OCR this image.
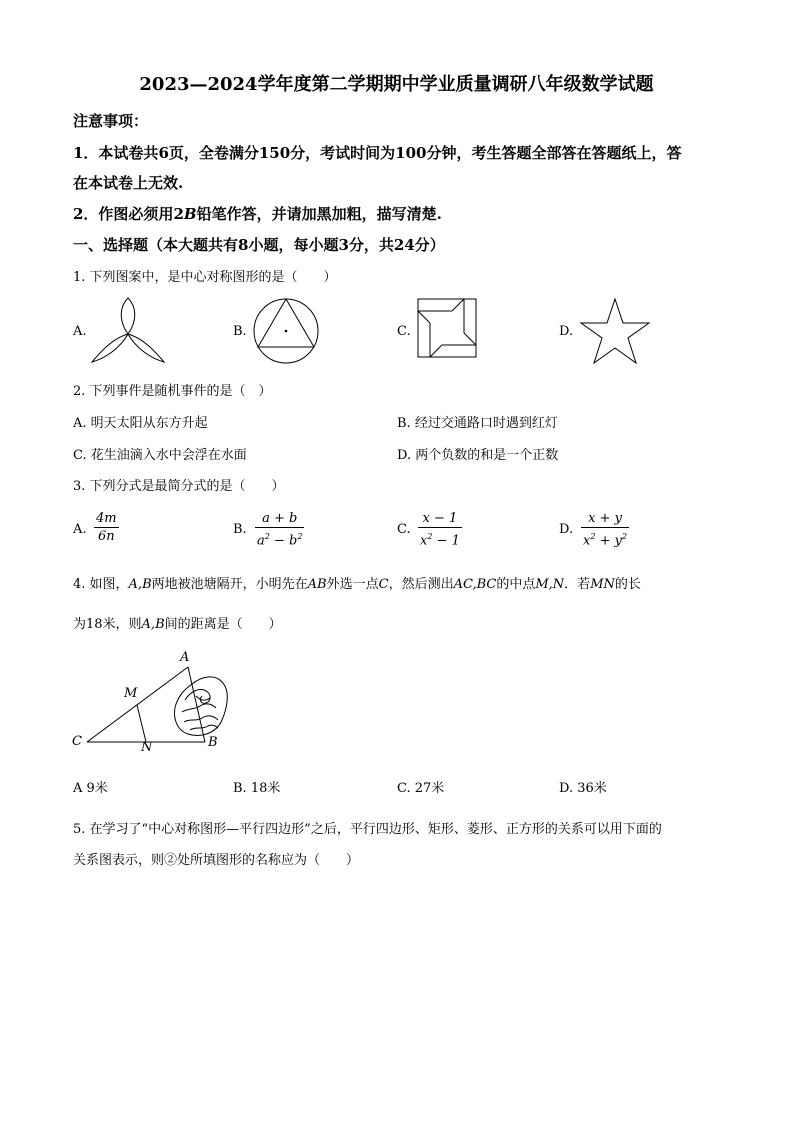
2023—2024学年度第二学期期中学业质量调研八年级数学试题
注意事项：
1．本试卷共6页，全卷满分150分，考试时间为100分钟，考生答题全部答在答题纸上，答
在本试卷上无效.
2．作图必须用2B铅笔作答，并请加黑加粗，描写清楚.
一、选择题（本大题共有8小题，每小题3分，共24分）
1. 下列图案中，是中心对称图形的是（　　）
A.	B.	C.	D.
2. 下列事件是随机事件的是（　）
A. 明天太阳从东方升起	B. 经过交通路口时遇到红灯
C. 花生油滴入水中会浮在水面	D. 两个负数的和是一个正数
3. 下列分式是最简分式的是（　　）
A. $\frac{4m}{6n}$	B. $\frac{a + b}{a^2 - b^2}$	C. $\frac{x - 1}{x^2 - 1}$	D. $\frac{x + y}{x^2 + y^2}$
4. 如图，A,B两地被池塘隔开，小明先在AB外选一点C，然后测出AC,BC的中点M,N．若MN的长
为18米，则A,B间的距离是（　　）
A
M
C	N	B
A 9米	B. 18米	C. 27米	D. 36米
5. 在学习了“中心对称图形—平行四边形”之后，平行四边形、矩形、菱形、正方形的关系可以用下面的
关系图表示，则②处所填图形的名称应为（　　）
